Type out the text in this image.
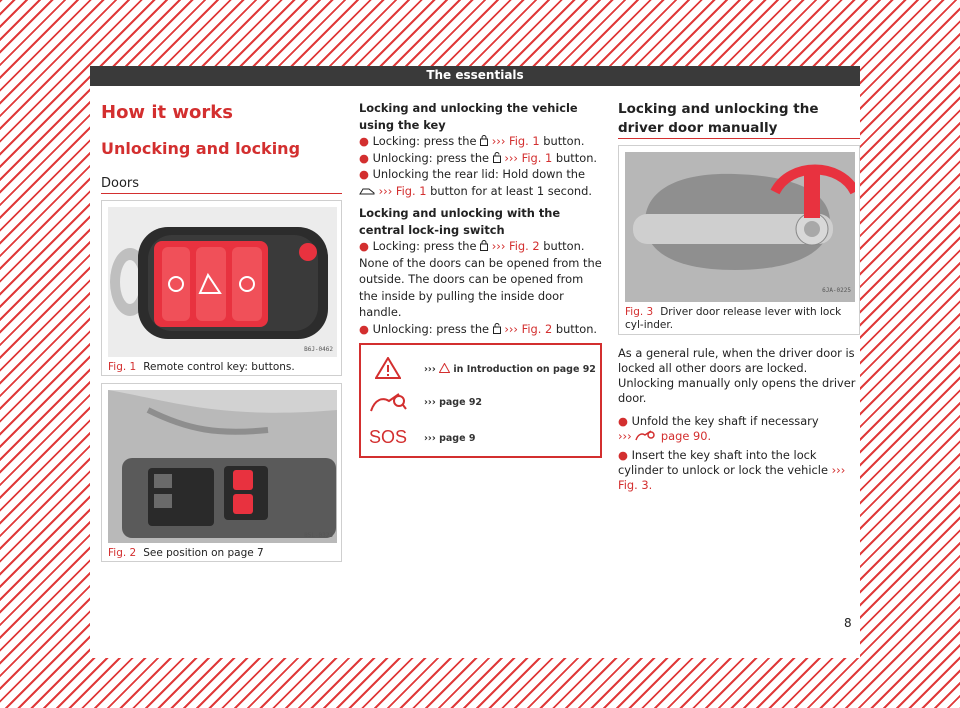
The essentials
How it works
Unlocking and locking
Doors
B6J-0462
Fig. 1 Remote control key: buttons.
B5L-0323
Fig. 2 See position on page 7
Locking and unlocking the vehicle using the key
● Locking: press the ››› Fig. 1 button.
● Unlocking: press the ››› Fig. 1 button.
● Unlocking the rear lid: Hold down the  ››› Fig. 1 button for at least 1 second.
Locking and unlocking with the central lock-ing switch
● Locking: press the ››› Fig. 2 button. None of the doors can be opened from the outside. The doors can be opened from the inside by pulling the inside door handle.
● Unlocking: press the ››› Fig. 2 button.
››› in Introduction on page 92
››› page 92
SOS ››› page 9
Locking and unlocking the driver door manually
6JA-0225
Fig. 3 Driver door release lever with lock cyl-inder.
As a general rule, when the driver door is locked all other doors are locked. Unlocking manually only opens the driver door.
● Unfold the key shaft if necessary
›››	page 90.
● Insert the key shaft into the lock cylinder to unlock or lock the vehicle ››› Fig. 3.
8
